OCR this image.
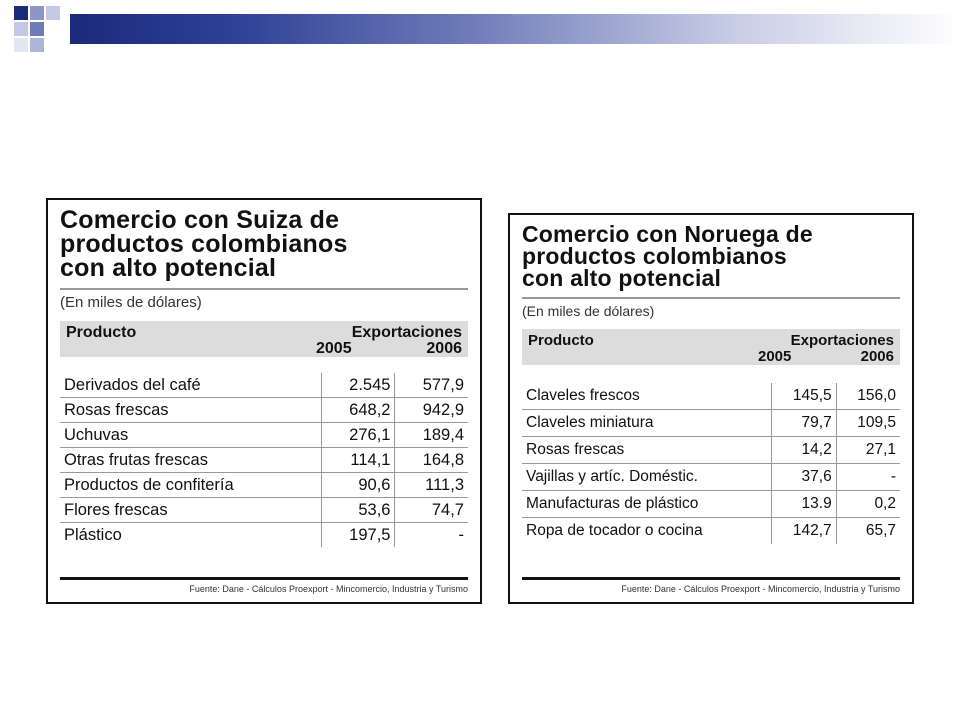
Comercio con Suiza de
productos colombianos
con alto potencial
(En miles de dólares)
Producto	Exportaciones
2005	2006
Derivados del café	2.545	577,9
Rosas frescas	648,2	942,9
Uchuvas	276,1	189,4
Otras frutas frescas	114,1	164,8
Productos de confitería	90,6	111,3
Flores frescas	53,6	74,7
Plástico	197,5	-
Fuente: Dane - Cálculos Proexport - Mincomercio, Industria y Turismo
Comercio con Noruega de
productos colombianos
con alto potencial
(En miles de dólares)
Producto	Exportaciones
2005	2006
Claveles frescos	145,5	156,0
Claveles miniatura	79,7	109,5
Rosas frescas	14,2	27,1
Vajillas y artíc. Doméstic.	37,6	-
Manufacturas de plástico	13.9	0,2
Ropa de tocador o cocina	142,7	65,7
Fuente: Dane - Cálculos Proexport - Mincomercio, Industria y Turismo
